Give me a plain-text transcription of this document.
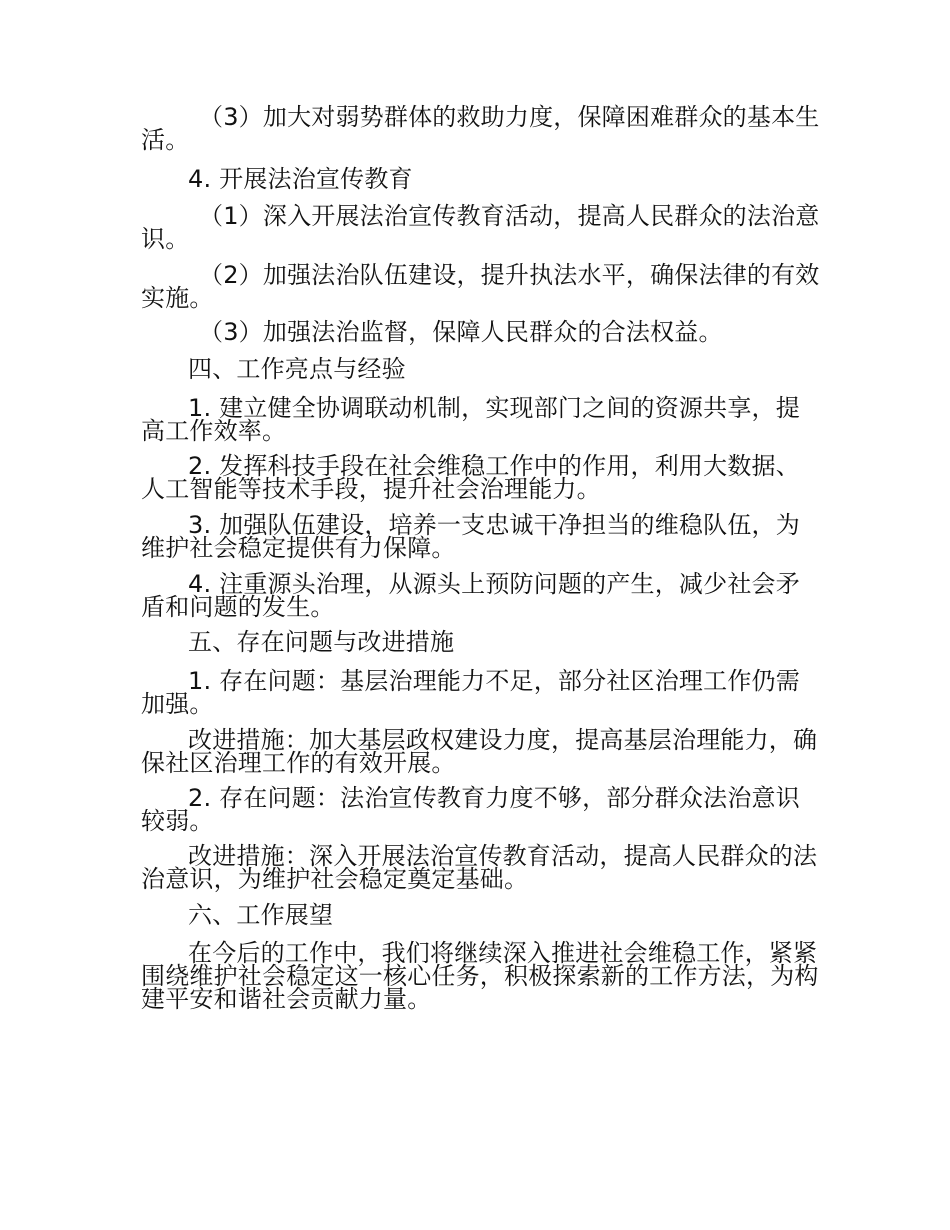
（3）加大对弱势群体的救助力度，保障困难群众的基本生活。

4. 开展法治宣传教育

（1）深入开展法治宣传教育活动，提高人民群众的法治意识。

（2）加强法治队伍建设，提升执法水平，确保法律的有效实施。

（3）加强法治监督，保障人民群众的合法权益。

四、工作亮点与经验

1. 建立健全协调联动机制，实现部门之间的资源共享，提高工作效率。

2. 发挥科技手段在社会维稳工作中的作用，利用大数据、人工智能等技术手段，提升社会治理能力。

3. 加强队伍建设，培养一支忠诚干净担当的维稳队伍，为维护社会稳定提供有力保障。

4. 注重源头治理，从源头上预防问题的产生，减少社会矛盾和问题的发生。

五、存在问题与改进措施

1. 存在问题：基层治理能力不足，部分社区治理工作仍需加强。

改进措施：加大基层政权建设力度，提高基层治理能力，确保社区治理工作的有效开展。

2. 存在问题：法治宣传教育力度不够，部分群众法治意识较弱。

改进措施：深入开展法治宣传教育活动，提高人民群众的法治意识，为维护社会稳定奠定基础。

六、工作展望

在今后的工作中，我们将继续深入推进社会维稳工作，紧紧围绕维护社会稳定这一核心任务，积极探索新的工作方法，为构建平安和谐社会贡献力量。
